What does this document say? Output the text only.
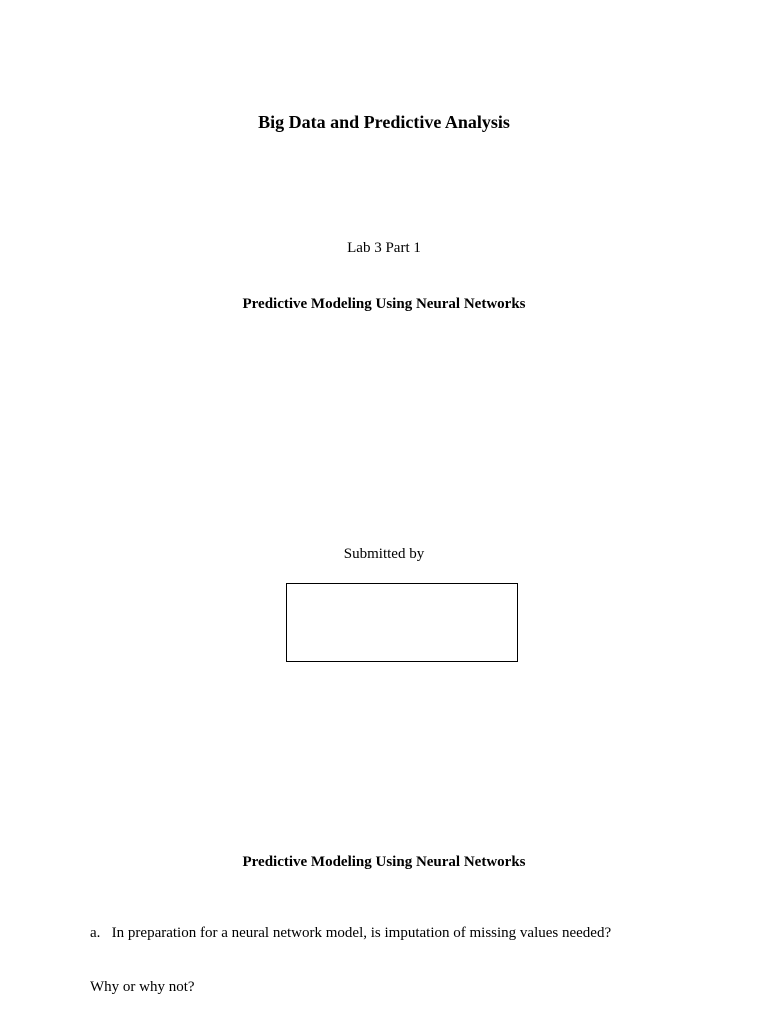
Big Data and Predictive Analysis

Lab 3 Part 1

Predictive Modeling Using Neural Networks

Submitted by

Predictive Modeling Using Neural Networks

a. In preparation for a neural network model, is imputation of missing values needed?

Why or why not?
